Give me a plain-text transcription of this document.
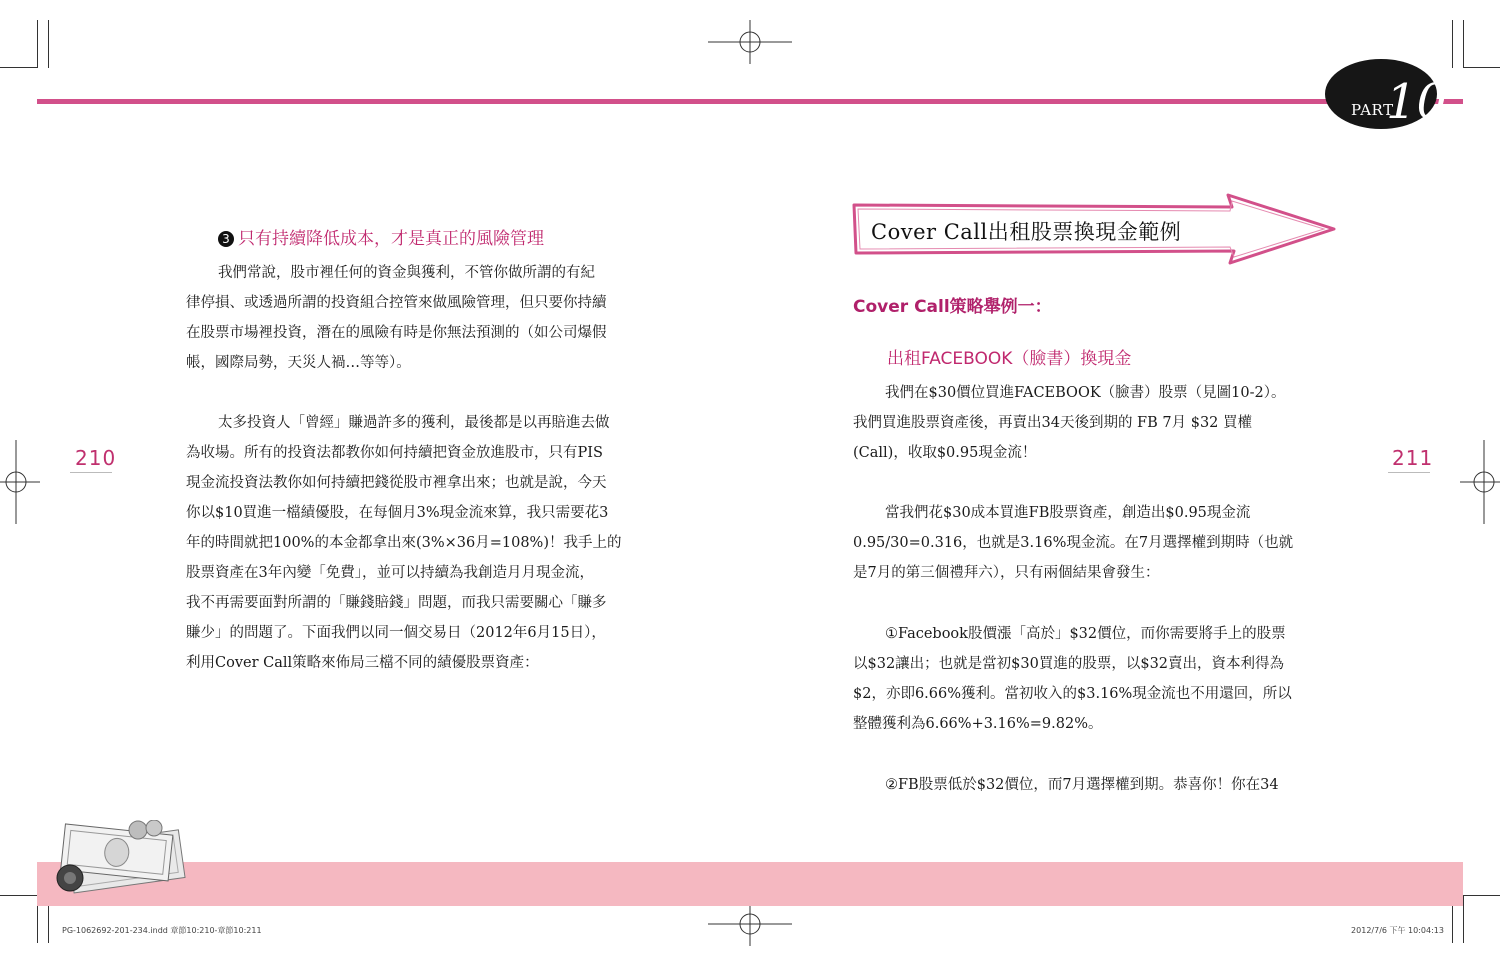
PART
10
210	211
3 只有持續降低成本，才是真正的風險管理

我們常說，股市裡任何的資金與獲利，不管你做所謂的有紀

律停損、或透過所謂的投資組合控管來做風險管理，但只要你持續

在股票市場裡投資，潛在的風險有時是你無法預測的（如公司爆假

帳，國際局勢，天災人禍…等等）。

太多投資人「曾經」賺過許多的獲利，最後都是以再賠進去做

為收場。所有的投資法都教你如何持續把資金放進股市，只有PIS

現金流投資法教你如何持續把錢從股市裡拿出來；也就是說，今天

你以$10買進一檔績優股，在每個月3%現金流來算，我只需要花3

年的時間就把100%的本金都拿出來(3%×36月=108%)！我手上的

股票資產在3年內變「免費」，並可以持續為我創造月月現金流，

我不再需要面對所謂的「賺錢賠錢」問題，而我只需要關心「賺多

賺少」的問題了。下面我們以同一個交易日（2012年6月15日），

利用Cover Call策略來佈局三檔不同的績優股票資產：

Cover Call出租股票換現金範例
Cover Call策略舉例一：
出租FACEBOOK（臉書）換現金

我們在$30價位買進FACEBOOK（臉書）股票（見圖10-2）。

我們買進股票資產後，再賣出34天後到期的 FB 7月 $32 買權

(Call)，收取$0.95現金流！

當我們花$30成本買進FB股票資產，創造出$0.95現金流

0.95/30=0.316，也就是3.16%現金流。在7月選擇權到期時（也就

是7月的第三個禮拜六），只有兩個結果會發生：

①Facebook股價漲「高於」$32價位，而你需要將手上的股票

以$32讓出；也就是當初$30買進的股票，以$32賣出，資本利得為

$2，亦即6.66%獲利。當初收入的$3.16%現金流也不用還回，所以

整體獲利為6.66%+3.16%=9.82%。

②FB股票低於$32價位，而7月選擇權到期。恭喜你！你在34

PG-1062692-201-234.indd 章節10:210-章節10:211	2012/7/6 下午 10:04:13
